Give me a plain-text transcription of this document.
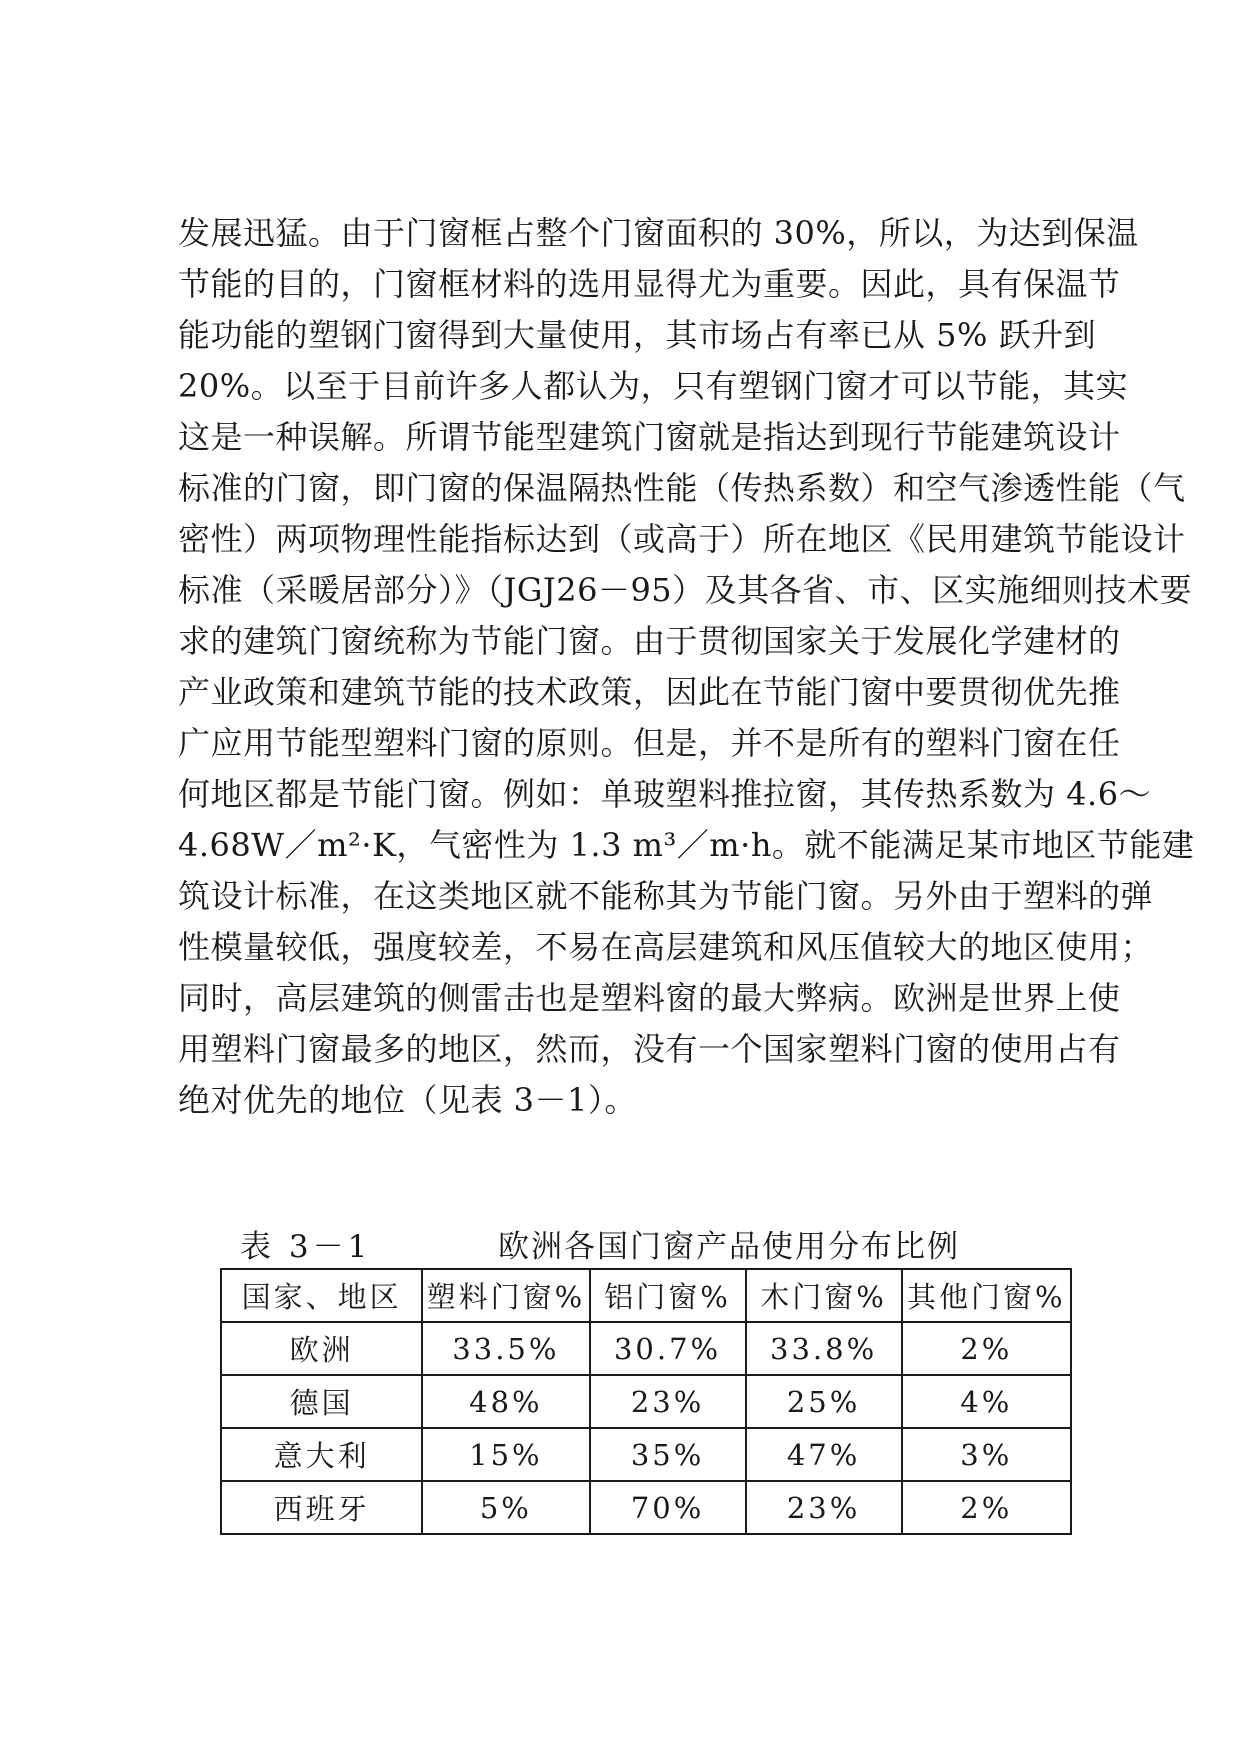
发展迅猛。由于门窗框占整个门窗面积的 30%，所以，为达到保温
节能的目的，门窗框材料的选用显得尤为重要。因此，具有保温节
能功能的塑钢门窗得到大量使用，其市场占有率已从 5% 跃升到
20%。以至于目前许多人都认为，只有塑钢门窗才可以节能，其实
这是一种误解。所谓节能型建筑门窗就是指达到现行节能建筑设计
标准的门窗，即门窗的保温隔热性能（传热系数）和空气渗透性能（气
密性）两项物理性能指标达到（或高于）所在地区《民用建筑节能设计
标准（采暖居部分）》（JGJ26－95）及其各省、市、区实施细则技术要
求的建筑门窗统称为节能门窗。由于贯彻国家关于发展化学建材的
产业政策和建筑节能的技术政策，因此在节能门窗中要贯彻优先推
广应用节能型塑料门窗的原则。但是，并不是所有的塑料门窗在任
何地区都是节能门窗。例如：单玻塑料推拉窗，其传热系数为 4.6～
4.68W／m²·K，气密性为 1.3 m³／m·h。就不能满足某市地区节能建
筑设计标准，在这类地区就不能称其为节能门窗。另外由于塑料的弹
性模量较低，强度较差，不易在高层建筑和风压值较大的地区使用；
同时，高层建筑的侧雷击也是塑料窗的最大弊病。欧洲是世界上使
用塑料门窗最多的地区，然而，没有一个国家塑料门窗的使用占有
绝对优先的地位（见表 3－1）。
表 3－1	欧洲各国门窗产品使用分布比例
国家、地区	塑料门窗%	铝门窗%	木门窗%	其他门窗%
欧洲	33.5%	30.7%	33.8%	2%
德国	48%	23%	25%	4%
意大利	15%	35%	47%	3%
西班牙	5%	70%	23%	2%
